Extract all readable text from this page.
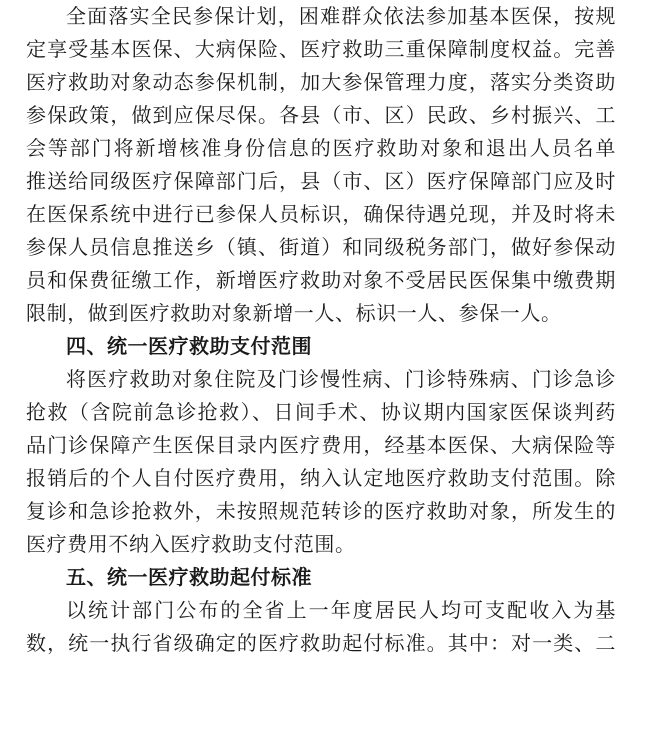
全面落实全民参保计划，困难群众依法参加基本医保，按规
定享受基本医保、大病保险、医疗救助三重保障制度权益。完善
医疗救助对象动态参保机制，加大参保管理力度，落实分类资助
参保政策，做到应保尽保。各县（市、区）民政、乡村振兴、工
会等部门将新增核准身份信息的医疗救助对象和退出人员名单
推送给同级医疗保障部门后，县（市、区）医疗保障部门应及时
在医保系统中进行已参保人员标识，确保待遇兑现，并及时将未
参保人员信息推送乡（镇、街道）和同级税务部门，做好参保动
员和保费征缴工作，新增医疗救助对象不受居民医保集中缴费期
限制，做到医疗救助对象新增一人、标识一人、参保一人。
四、统一医疗救助支付范围
将医疗救助对象住院及门诊慢性病、门诊特殊病、门诊急诊
抢救（含院前急诊抢救）、日间手术、协议期内国家医保谈判药
品门诊保障产生医保目录内医疗费用，经基本医保、大病保险等
报销后的个人自付医疗费用，纳入认定地医疗救助支付范围。除
复诊和急诊抢救外，未按照规范转诊的医疗救助对象，所发生的
医疗费用不纳入医疗救助支付范围。
五、统一医疗救助起付标准
以统计部门公布的全省上一年度居民人均可支配收入为基
数，统一执行省级确定的医疗救助起付标准。其中：对一类、二
